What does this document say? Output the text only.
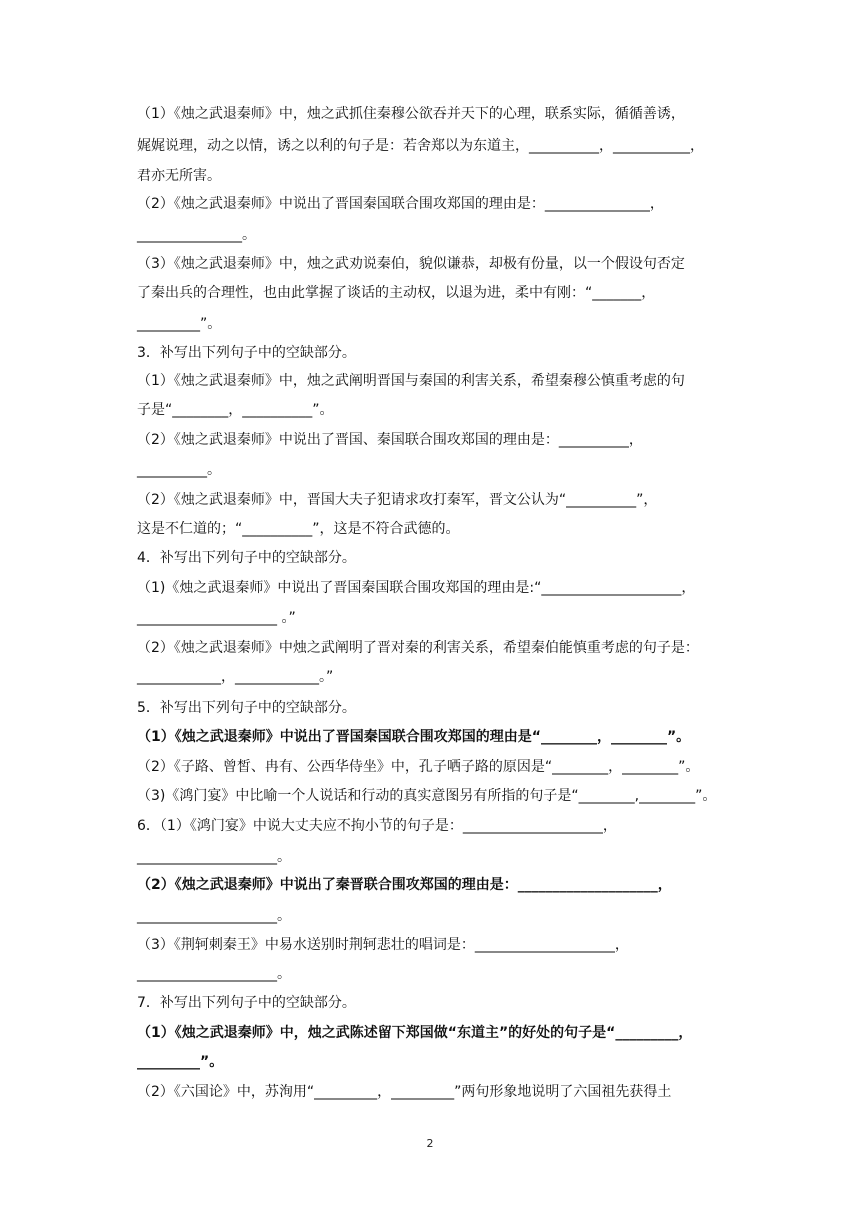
（1）《烛之武退秦师》中，烛之武抓住秦穆公欲吞并天下的心理，联系实际，循循善诱，
娓娓说理，动之以情，诱之以利的句子是：若舍郑以为东道主，__________，___________，
君亦无所害。
（2）《烛之武退秦师》中说出了晋国秦国联合围攻郑国的理由是：_______________，
_______________。
（3）《烛之武退秦师》中，烛之武劝说秦伯，貌似谦恭，却极有份量，以一个假设句否定
了秦出兵的合理性，也由此掌握了谈话的主动权，以退为进，柔中有刚：“_______，
_________”。
3．补写出下列句子中的空缺部分。
（1）《烛之武退秦师》中，烛之武阐明晋国与秦国的利害关系，希望秦穆公慎重考虑的句
子是“________，__________”。
（2）《烛之武退秦师》中说出了晋国、秦国联合围攻郑国的理由是：__________，
__________。
（2）《烛之武退秦师》中，晋国大夫子犯请求攻打秦军，晋文公认为“__________”，
这是不仁道的；“__________”，这是不符合武德的。
4．补写出下列句子中的空缺部分。
（1)《烛之武退秦师》中说出了晋国秦国联合围攻郑国的理由是:“____________________，
____________________ 。”
（2）《烛之武退秦师》中烛之武阐明了晋对秦的利害关系，希望秦伯能慎重考虑的句子是：
____________，____________。”
5．补写出下列句子中的空缺部分。
（1）《烛之武退秦师》中说出了晋国秦国联合围攻郑国的理由是“________，________”。
（2）《子路、曾皙、冉有、公西华侍坐》中，孔子哂子路的原因是“________，________”。
（3)《鸿门宴》中比喻一个人说话和行动的真实意图另有所指的句子是“________,________”。
6．（1）《鸿门宴》中说大丈夫应不拘小节的句子是：____________________，
____________________。
（2）《烛之武退秦师》中说出了秦晋联合围攻郑国的理由是：____________________，
____________________。
（3）《荆轲刺秦王》中易水送别时荆轲悲壮的唱词是：____________________，
____________________。
7．补写出下列句子中的空缺部分。
（1）《烛之武退秦师》中，烛之武陈述留下郑国做“东道主”的好处的句子是“_________，
_________”。
（2）《六国论》中，苏洵用“_________，_________”两句形象地说明了六国祖先获得土
2
